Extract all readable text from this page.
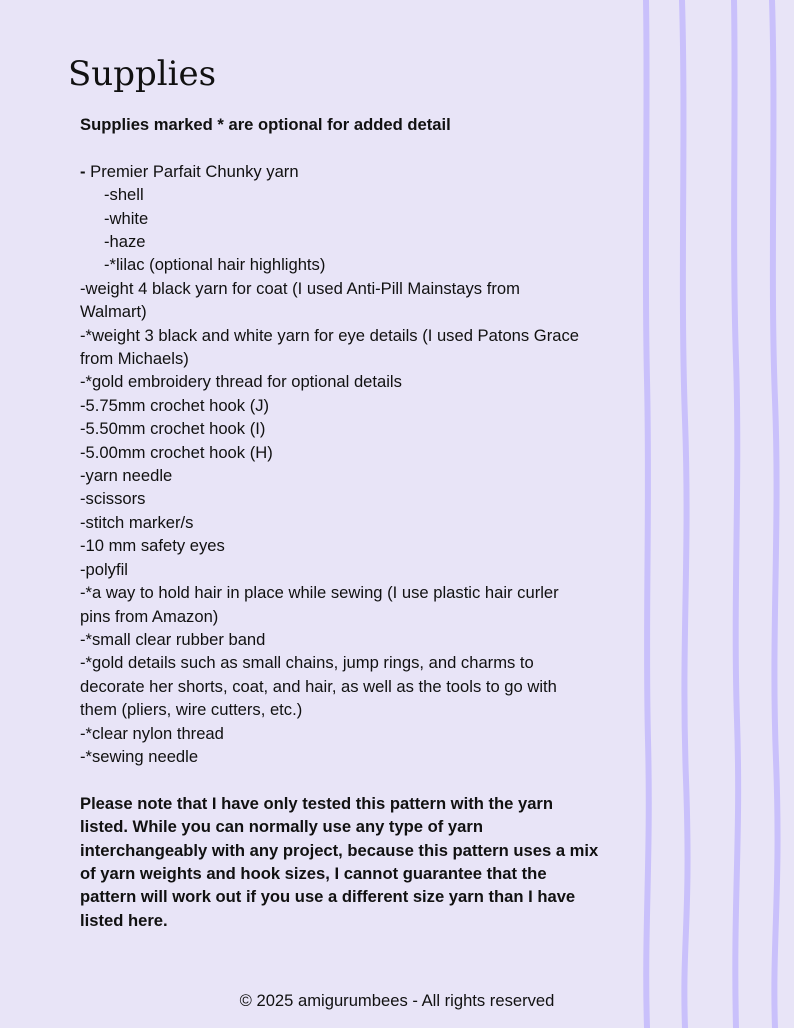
Supplies
Supplies marked * are optional for added detail
- Premier Parfait Chunky yarn
-shell
-white
-haze
-*lilac (optional hair highlights)
-weight 4 black yarn for coat (I used Anti-Pill Mainstays from
Walmart)
-*weight 3 black and white yarn for eye details (I used Patons Grace
from Michaels)
-*gold embroidery thread for optional details
-5.75mm crochet hook (J)
-5.50mm crochet hook (I)
-5.00mm crochet hook (H)
-yarn needle
-scissors
-stitch marker/s
-10 mm safety eyes
-polyfil
-*a way to hold hair in place while sewing (I use plastic hair curler
pins from Amazon)
-*small clear rubber band
-*gold details such as small chains, jump rings, and charms to
decorate her shorts, coat, and hair, as well as the tools to go with
them (pliers, wire cutters, etc.)
-*clear nylon thread
-*sewing needle
Please note that I have only tested this pattern with the yarn
listed. While you can normally use any type of yarn
interchangeably with any project, because this pattern uses a mix
of yarn weights and hook sizes, I cannot guarantee that the
pattern will work out if you use a different size yarn than I have
listed here.
© 2025 amigurumbees - All rights reserved
